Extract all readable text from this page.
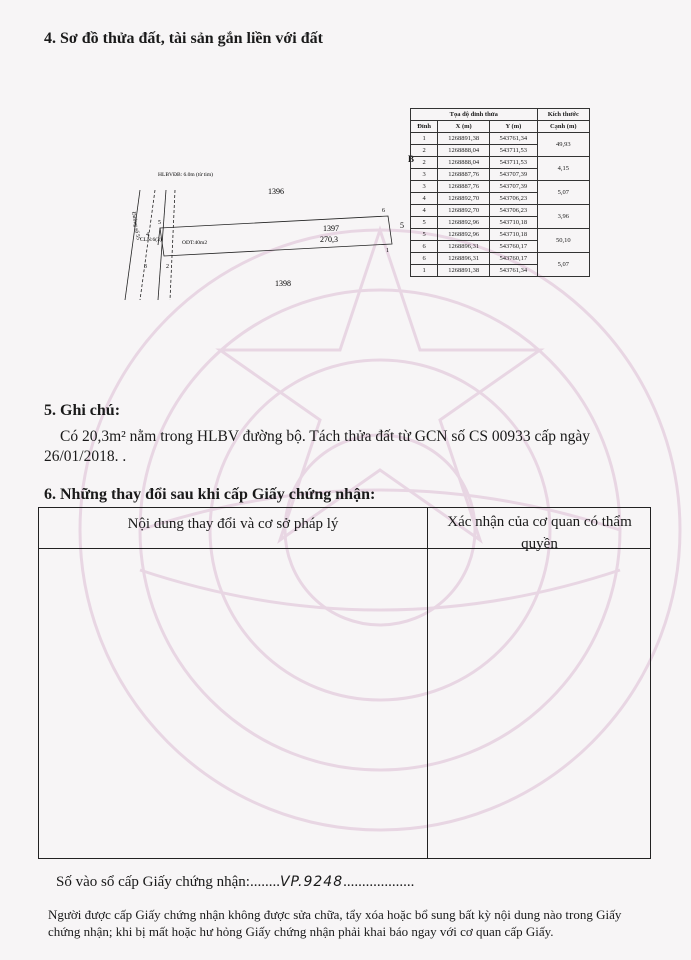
4. Sơ đồ thửa đất, tài sản gắn liền với đất
HLBVĐB: 6.0m (từ tim)
1396
1397
270,3
1398
CLN:6(3)	ODT:40m2
Đường số 55
1
2
3
4
5
6
5
B
Tọa độ đỉnh thửa			Kích thước
Đỉnh	X (m)	Y (m)	Cạnh (m)
1	1268891,38	543761,34	49,93
2	1268888,04	543711,53	
2	1268888,04	543711,53	4,15
3	1268887,76	543707,39	
3	1268887,76	543707,39	5,07
4	1268892,70	543706,23	
4	1268892,70	543706,23	3,96
5	1268892,96	543710,18	
5	1268892,96	543710,18	50,10
6	1268896,31	543760,17	
6	1268896,31	543760,17	5,07
1	1268891,38	543761,34	
5. Ghi chú:
Có 20,3m² nằm trong HLBV đường bộ. Tách thửa đất từ GCN số CS 00933 cấp ngày
26/01/2018. .
6. Những thay đổi sau khi cấp Giấy chứng nhận:
Nội dung thay đổi và cơ sở pháp lý	Xác nhận của cơ quan có thẩm quyền
Số vào sổ cấp Giấy chứng nhận:........VP.9248...................
Người được cấp Giấy chứng nhận không được sửa chữa, tẩy xóa hoặc bổ sung bất kỳ nội dung nào trong Giấy chứng nhận; khi bị mất hoặc hư hỏng Giấy chứng nhận phải khai báo ngay với cơ quan cấp Giấy.
